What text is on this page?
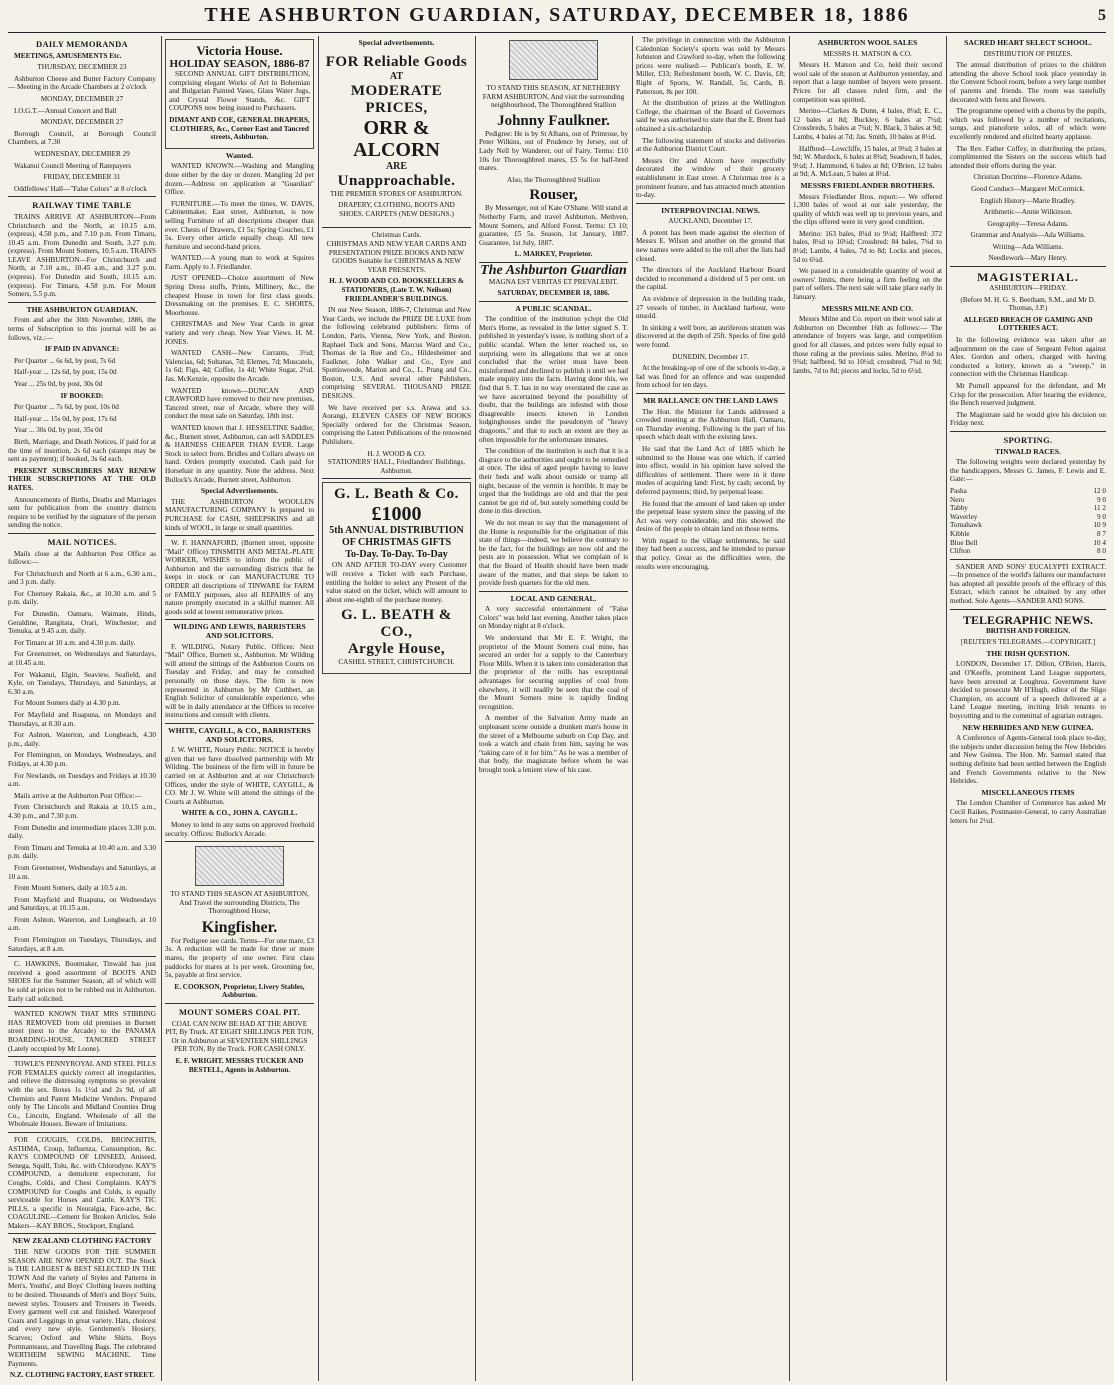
THE ASHBURTON GUARDIAN, SATURDAY, DECEMBER 18, 1886	5
DAILY MEMORANDA

MEETINGS, AMUSEMENTS Etc.

THURSDAY, DECEMBER 23

Ashburton Cheese and Butter Factory Company — Meeting in the Arcade Chambers at 2 o'clock

MONDAY, DECEMBER 27

I.O.G.T.—Annual Concert and Ball

MONDAY, DECEMBER 27

Borough Council, at Borough Council Chambers, at 7.30

WEDNESDAY, DECEMBER 29

Wakanui Council Meeting of Ratepayers

FRIDAY, DECEMBER 31

Oddfellows' Hall—"False Colors" at 8 o'clock

RAILWAY TIME TABLE

TRAINS ARRIVE AT ASHBURTON—From Christchurch and the North, at 10.15 a.m. (express), 4.58 p.m., and 7.10 p.m. From Timaru, 10.45 a.m. From Dunedin and South, 3.27 p.m. (express). From Mount Somers, 10.5 a.m. TRAINS LEAVE ASHBURTON—For Christchurch and North, at 7.10 a.m., 10.45 a.m., and 3.27 p.m. (express). For Dunedin and South, 10.15 a.m. (express). For Timaru, 4.58 p.m. For Mount Somers, 5.5 p.m.

THE ASHBURTON GUARDIAN.

From and after the 30th November, 1886, the terms of Subscription to this journal will be as follows, viz.:—

IF PAID IN ADVANCE:

Per Quarter ... 6s 6d, by post, 7s 6d

Half-year ... 12s 6d, by post, 15s 0d

Year ... 25s 0d, by post, 30s 0d

IF BOOKED:

Per Quarter ... 7s 6d, by post, 10s 0d

Half-year ... 15s 0d, by post, 17s 6d

Year ... 30s 0d, by post, 35s 0d

Birth, Marriage, and Death Notices, if paid for at the time of insertion, 2s 6d each (stamps may be sent as payment); if booked, 3s 6d each.

PRESENT SUBSCRIBERS MAY RENEW THEIR SUBSCRIPTIONS AT THE OLD RATES.

Announcements of Births, Deaths and Marriages sent for publication from the country districts require to be verified by the signature of the person sending the notice.

MAIL NOTICES.

Mails close at the Ashburton Post Office as follows:—

For Christchurch and North at 6 a.m., 6.30 a.m., and 3 p.m. daily.

For Chertsey Rakaia, &c., at 10.30 a.m. and 5 p.m. daily.

For Dunedin, Oamaru, Waimate, Hinds, Geraldine, Rangitata, Orari, Winchester, and Temuka, at 9.45 a.m. daily.

For Timaru at 10 a.m. and 4.30 p.m. daily.

For Greenstreet, on Wednesdays and Saturdays, at 10.45 a.m.

For Wakanui, Elgin, Seaview, Seafield, and Kyle, on Tuesdays, Thursdays, and Saturdays, at 6.30 a.m.

For Mount Somers daily at 4.30 p.m.

For Mayfield and Ruapuna, on Mondays and Thursdays, at 8.30 a.m.

For Ashton, Waterton, and Longbeach, 4.30 p.m., daily.

For Flemington, on Mondays, Wednesdays, and Fridays, at 4.30 p.m.

For Newlands, on Tuesdays and Fridays at 10.30 a.m.

Mails arrive at the Ashburton Post Office:—

From Christchurch and Rakaia at 10.15 a.m., 4.30 p.m., and 7.30 p.m.

From Dunedin and intermediate places 3.30 p.m. daily.

From Timaru and Temuka at 10.40 a.m. and 3.30 p.m. daily.

From Greenstreet, Wednesdays and Saturdays, at 10 a.m.

From Mount Somers, daily at 10.5 a.m.

From Mayfield and Ruapuna, on Wednesdays and Saturdays, at 10.15 a.m.

From Ashton, Waterton, and Longbeach, at 10 a.m.

From Flemington on Tuesdays, Thursdays, and Saturdays, at 8 a.m.

C. HAWKINS, Bootmaker, Tinwald has just received a good assortment of BOOTS AND SHOES for the Summer Season, all of which will be sold at prices not to be rubbed out in Ashburton. Early call solicited.

WANTED KNOWN THAT MRS STIBBING HAS REMOVED from old premises in Burnett street (next to the Arcade) to the PANAMA BOARDING-HOUSE, TANCRED STREET (Lately occupied by Mr Loone).

TOWLE'S PENNYROYAL AND STEEL PILLS FOR FEMALES quickly correct all irregularities, and relieve the distressing symptoms so prevalent with the sex. Boxes 1s 1½d and 2s 9d, of all Chemists and Patent Medicine Vendors. Prepared only by The Lincoln and Midland Counties Drug Co., Lincoln, England. Wholesale of all the Wholesale Houses. Beware of Imitations.

FOR COUGHS, COLDS, BRONCHITIS, ASTHMA, Croup, Influenza, Consumption, &c. KAY'S COMPOUND OF LINSEED, Aniseed, Senega, Squill, Tolu, &c. with Chlorodyne. KAY'S COMPOUND, a demulcent expectorant, for Coughs, Colds, and Chest Complaints. KAY'S COMPOUND for Coughs and Colds, is equally serviceable for Horses and Cattle. KAY'S TIC PILLS, a specific in Neuralgia, Face-ache, &c. COAGULINE—Cement for Broken Articles. Sole Makers—KAY BROS., Stockport, England.

NEW ZEALAND CLOTHING FACTORY

THE NEW GOODS FOR THE SUMMER SEASON ARE NOW OPENED OUT. The Stock is THE LARGEST & BEST SELECTED IN THE TOWN And the variety of Styles and Patterns in Men's, Youths', and Boys' Clothing leaves nothing to be desired. Thousands of Men's and Boys' Suits, newest styles. Trousers and Trousers in Tweeds. Every garment well cut and finished. Waterproof Coats and Leggings in great variety. Hats, choicest and every new style. Gentlemen's Hosiery, Scarves; Oxford and White Shirts. Boys Portmanteaus, and Travelling Bags. The celebrated WERTHEIM SEWING MACHINE. Time Payments.

N.Z. CLOTHING FACTORY, EAST STREET.

Victoria House.
HOLIDAY SEASON, 1886-87

SECOND ANNUAL GIFT DISTRIBUTION, comprising elegant Works of Art in Bohemian and Bulgarian Painted Vases, Glass Water Jugs, and Crystal Flower Stands, &c. GIFT COUPONS now being issued to Purchasers.

DIMANT AND COE, GENERAL DRAPERS, CLOTHIERS, &c., Corner East and Tancred streets, Ashburton.

Wanted.

WANTED KNOWN.—Washing and Mangling done either by the day or dozen. Mangling 2d per dozen.—Address on application at "Guardian" Office.

FURNITURE.—To meet the times, W. DAVIS, Cabinetmaker, East street, Ashburton, is now selling Furniture of all descriptions cheaper than ever. Chests of Drawers, £1 5s; Spring Couches, £1 5s. Every other article equally cheap. All new furniture and second-hand prices.

WANTED.—A young man to work at Squires Farm. Apply to J. Friedlander.

JUST OPENED—Choice assortment of New Spring Dress stuffs, Prints, Millinery, &c., the cheapest House in town for first class goods. Dressmaking on the premises. E. C. SHORTS, Moorhouse.

CHRISTMAS and New Year Cards in great variety and very cheap. New Year Views. H. M. JONES.

WANTED CASH—New Currants, 3½d; Valencias, 6d; Sultanas, 7d; Elemes, 7d; Muscatels, 1s 6d; Figs, 4d; Coffee, 1s 4d; White Sugar, 2½d. Jas. McKenzie, opposite the Arcade.

WANTED known—DUNCAN AND CRAWFORD have removed to their new premises, Tancred street, rear of Arcade, where they will conduct the meat sale on Saturday, 18th inst.

WANTED known that J. HESSELTINE Saddler, &c., Burnett street, Ashburton, can sell SADDLES & HARNESS CHEAPER THAN EVER. Large Stock to select from. Bridles and Collars always on hand. Orders promptly executed. Cash paid for Horsehair in any quantity. Note the address. Next Bullock's Arcade, Burnett street, Ashburton.

Special Advertisements.

THE ASHBURTON WOOLLEN MANUFACTURING COMPANY Is prepared to PURCHASE for CASH, SHEEPSKINS and all kinds of WOOL, in large or small quantities.

W. F. HANNAFORD, (Burnett street, opposite "Mail" Office) TINSMITH AND METAL-PLATE WORKER, WISHES to inform the public of Ashburton and the surrounding districts that he keeps in stock or can MANUFACTURE TO ORDER all descriptions of TINWARE for FARM or FAMILY purposes, also all REPAIRS of any nature promptly executed in a skilful manner. All goods sold at lowest remunerative prices.

WILDING AND LEWIS, BARRISTERS AND SOLICITORS.

F. WILDING, Notary Public. Offices: Next "Mail" Office, Burnett st., Ashburton. Mr Wilding will attend the sittings of the Ashburton Courts on Tuesday and Friday, and may be consulted personally on those days. The firm is now represented in Ashburton by Mr Cuthbert, an English Solicitor of considerable experience, who will be in daily attendance at the Offices to receive instructions and consult with clients.

WHITE, CAYGILL, & CO., BARRISTERS AND SOLICITORS.

J. W. WHITE, Notary Public. NOTICE is hereby given that we have dissolved partnership with Mr Wilding. The business of the firm will in future be carried on at Ashburton and at our Christchurch Offices, under the style of WHITE, CAYGILL, & CO. Mr J. W. White will attend the sittings of the Courts at Ashburton.

WHITE & CO., JOHN A. CAYGILL.

Money to lend in any sums on approved freehold security. Offices: Bullock's Arcade.

TO STAND THIS SEASON AT ASHBURTON, And Travel the surrounding Districts, The Thoroughbred Horse,

Kingfisher.

For Pedigree see cards. Terms—For one mare, £3 3s. A reduction will be made for three or more mares, the property of one owner. First class paddocks for mares at 1s per week. Grooming fee, 5s, payable at first service.

E. COOKSON, Proprietor, Livery Stables, Ashburton.

MOUNT SOMERS COAL PIT.

COAL CAN NOW BE HAD AT THE ABOVE PIT, By Truck. AT EIGHT SHILLINGS PER TON, Or in Ashburton at SEVENTEEN SHILLINGS PER TON, By the Truck. FOR CASH ONLY.

E. F. WRIGHT. MESSRS TUCKER AND BESTELL, Agents in Ashburton.

Special advertisements.
FOR Reliable Goods
AT
MODERATE PRICES,
ORR & ALCORN
ARE
Unapproachable.

THE PREMIER STORES OF ASHBURTON.

DRAPERY, CLOTHING, BOOTS AND SHOES. CARPETS (NEW DESIGNS.)

Christmas Cards.

CHRISTMAS AND NEW YEAR CARDS AND PRESENTATION PRIZE BOOKS AND NEW GOODS Suitable for CHRISTMAS & NEW YEAR PRESENTS.

H. J. WOOD AND CO. BOOKSELLERS & STATIONERS, (Late T. W. Neilson) FRIEDLANDER'S BUILDINGS.

IN our New Season, 1886-7, Christmas and New Year Cards, we include the PRIZE DE LUXE from the following celebrated publishers: firms of London, Paris, Vienna, New York, and Boston. Raphael Tuck and Sons, Marcus Ward and Co., Thomas de la Rue and Co., Hildesheimer and Faulkner, John Walker and Co., Eyre and Spottiswoode, Marion and Co., L. Prang and Co., Boston, U.S. And several other Publishers, comprising SEVERAL THOUSAND PRIZE DESIGNS.

We have received per s.s. Arawa and s.s. Aorangi, ELEVEN CASES OF NEW BOOKS Specially ordered for the Christmas Season, comprising the Latest Publications of the renowned Publishers.

H. J. WOOD & CO.

STATIONERS' HALL, Friedlanders' Buildings, Ashburton.

G. L. Beath & Co.
£1000
5th ANNUAL DISTRIBUTION OF CHRISTMAS GIFTS
To-Day. To-Day. To-Day

ON AND AFTER TO-DAY every Customer will receive a Ticket with each Purchase, entitling the holder to select any Present of the value stated on the ticket, which will amount to about one-eighth of the purchase money.

G. L. BEATH & CO.,
Argyle House,

CASHEL STREET, CHRISTCHURCH.

TO STAND THIS SEASON, AT NETHERBY FARM ASHBURTON, And visit the surrounding neighbourhood, The Thoroughbred Stallion

Johnny Faulkner.

Pedigree: He is by St Albans, out of Primrose, by Peter Wilkins, out of Prudence by Jersey, out of Lady Nell by Wanderer, out of Fairy. Terms: £10 10s for Thoroughbred mares, £5 5s for half-bred mares.

Also, the Thoroughbred Stallion

Rouser,

By Messenger, out of Kate O'Shane. Will stand at Netherby Farm, and travel Ashburton, Methven, Mount Somers, and Alford Forest. Terms: £3 10; guarantee, £5 5s. Season, 1st January, 1887. Guarantee, 1st July, 1887.

L. MARKEY, Proprietor.

The Ashburton Guardian

MAGNA EST VERITAS ET PREVALEBIT.

SATURDAY, DECEMBER 18, 1886.

A PUBLIC SCANDAL.

The condition of the institution yclept the Old Men's Home, as revealed in the letter signed S. T. published in yesterday's issue, is nothing short of a public scandal. When the letter reached us, so surprising were its allegations that we at once concluded that the writer must have been misinformed and declined to publish it until we had made enquiry into the facts. Having done this, we find that S. T. has in no way overstated the case as we have ascertained beyond the possibility of doubt, that the buildings are infested with those disagreeable insects known in London lodginghouses under the pseudonym of "heavy dragoons," and that to such an extent are they as often impossible for the unfortunate inmates.

The condition of the institution is such that it is a disgrace to the authorities and ought to be remedied at once. The idea of aged people having to leave their beds and walk about outside or tramp all night, because of the vermin is horrible. It may be urged that the buildings are old and that the pest cannot be got rid of, but surely something could be done in this direction.

We do not mean to say that the management of the Home is responsible for the origination of this state of things—indeed, we believe the contrary to be the fact, for the buildings are now old and the pests are in possession. What we complain of is that the Board of Health should have been made aware of the matter, and that steps be taken to provide fresh quarters for the old men.

LOCAL AND GENERAL.

A very successful entertainment of "False Colors" was held last evening. Another takes place on Monday night at 8 o'clock.

We understand that Mr E. F. Wright, the proprietor of the Mount Somers coal mine, has secured an order for a supply to the Canterbury Flour Mills. When it is taken into consideration that the proprietor of the mills has exceptional advantages for securing supplies of coal from elsewhere, it will readily be seen that the coal of the Mount Somers mine is rapidly finding recognition.

A member of the Salvation Army made an unpleasant scene outside a drunken man's house in the street of a Melbourne suburb on Cup Day, and took a watch and chain from him, saying he was "taking care of it for him." As he was a member of that body, the magistrate before whom he was brought took a lenient view of his case.

The privilege in connection with the Ashburton Caledonian Society's sports was sold by Messrs Johnston and Crawford to-day, when the following prices were realised:— Publican's booth, E. W. Miller, £33; Refreshment booth, W. C. Davis, £8; Right of Sports, W. Randall, 5s; Cards, B. Patterson, 8s per 100.

At the distribution of prizes at the Wellington College, the chairman of the Board of Governors said he was authorised to state that the E. Brent had obtained a six-scholarship.

The following statement of stocks and deliveries at the Ashburton District Court.

Messrs Orr and Alcorn have respectfully decorated the window of their grocery establishment in East street. A Christmas tree is a prominent feature, and has attracted much attention to-day.

INTERPROVINCIAL NEWS.

AUCKLAND, December 17.

A potent has been made against the election of Messrs E. Wilson and another on the ground that new names were added to the roll after the lists had closed.

The directors of the Auckland Harbour Board decided to recommend a dividend of 5 per cent. on the capital.

An evidence of depression in the building trade, 27 vessels of timber, in Auckland harbour, were unsold.

In sinking a well bore, an auriferous stratum was discovered at the depth of 25ft. Specks of fine gold were found.

DUNEDIN, December 17.

At the breaking-up of one of the schools to-day, a lad was fined for an offence and was suspended from school for ten days.

MR BALLANCE ON THE LAND LAWS

The Hon. the Minister for Lands addressed a crowded meeting at the Ashburton Hall, Oamaru, on Thursday evening. Following is the part of his speech which dealt with the existing laws.

He said that the Land Act of 1885 which he submitted to the House was one which, if carried into effect, would in his opinion have solved the difficulties of settlement. There were in it three modes of acquiring land: First, by cash; second, by deferred payments; third, by perpetual lease.

He found that the amount of land taken up under the perpetual lease system since the passing of the Act was very considerable, and this showed the desire of the people to obtain land on those terms.

With regard to the village settlements, he said they had been a success, and he intended to pursue that policy. Great as the difficulties were, the results were encouraging.

ASHBURTON WOOL SALES

MESSRS H. MATSON & CO.

Messrs H. Matson and Co. held their second wool sale of the season at Ashburton yesterday, and report that a large number of buyers were present. Prices for all classes ruled firm, and the competition was spirited.

Merino—Clarkes & Dunn, 4 bales, 8¼d; E. C., 12 bales at 8d; Buckley, 6 bales at 7½d; Crossbreds, 5 bales at 7¾d; N. Black, 3 bales at 9d; Lambs, 4 bales at 7d; Jas. Smith, 10 bales at 8½d.

Halfbred—Lowcliffe, 15 bales, at 9¾d; 3 bales at 9d; W. Murdock, 6 bales at 8¾d; Seadown, 8 bales, 9½d; J. Hammond, 6 bales at 8d; O'Brien, 12 bales at 9d; A. McLean, 5 bales at 8½d.

MESSRS FRIEDLANDER BROTHERS.

Messrs Friedlander Bros. report:— We offered 1,300 bales of wool at our sale yesterday, the quality of which was well up to previous years, and the clips offered were in very good condition.

Merino: 163 bales, 8¼d to 9½d; Halfbred: 372 bales, 8½d to 10¼d; Crossbred: 84 bales, 7¾d to 8½d; Lambs, 4 bales, 7d to 8d; Locks and pieces, 5d to 6¼d.

We passed in a considerable quantity of wool at owners' limits, there being a firm feeling on the part of sellers. The next sale will take place early in January.

MESSRS MILNE AND CO.

Messrs Milne and Co. report on their wool sale at Ashburton on December 16th as follows:— The attendance of buyers was large, and competition good for all classes, and prices were fully equal to those ruling at the previous sales. Merino, 8¼d to 9¾d; halfbred, 9d to 10½d; crossbred, 7¾d to 9d; lambs, 7d to 8d; pieces and locks, 5d to 6½d.

SACRED HEART SELECT SCHOOL.

DISTRIBUTION OF PRIZES.

The annual distribution of prizes to the children attending the above School took place yesterday in the Convent School room, before a very large number of parents and friends. The room was tastefully decorated with ferns and flowers.

The programme opened with a chorus by the pupils, which was followed by a number of recitations, songs, and pianoforte solos, all of which were excellently rendered and elicited hearty applause.

The Rev. Father Coffey, in distributing the prizes, complimented the Sisters on the success which had attended their efforts during the year.

Christian Doctrine—Florence Adams.

Good Conduct—Margaret McCormick.

English History—Marie Bradley.

Arithmetic—Annie Wilkinson.

Geography—Teresa Adams.

Grammar and Analysis—Ada Williams.

Writing—Ada Williams.

Needlework—Mary Henry.

MAGISTERIAL.

ASHBURTON—FRIDAY.

(Before M. H. G. S. Beetham, S.M., and Mr D. Thomas, J.P.)

ALLEGED BREACH OF GAMING AND LOTTERIES ACT.

In the following evidence was taken after an adjournment on the case of Sergeant Felton against Alex. Gordon and others, charged with having conducted a lottery, known as a "sweep," in connection with the Christmas Handicap.

Mr Purnell appeared for the defendant, and Mr Crisp for the prosecution. After hearing the evidence, the Bench reserved judgment.

The Magistrate said he would give his decision on Friday next.

SPORTING.
TINWALD RACES.

The following weights were declared yesterday by the handicappers, Messrs G. James, F. Lewis and E. Gate:—

Pasha	12 0
Nero	9 0
Tabby	11 2
Waverley	9 0
Tomahawk	10 9
Kibble	8 7
Blue Bell	10 4
Clifton	8 0

SANDER AND SONS' EUCALYPTI EXTRACT.—In presence of the world's failures our manufacturer has adopted all possible proofs of the efficacy of this Extract, which cannot be obtained by any other method. Sole Agents—SANDER AND SONS.

TELEGRAPHIC NEWS.

BRITISH AND FOREIGN.

[REUTER'S TELEGRAMS.—COPYRIGHT.]

THE IRISH QUESTION.

LONDON, December 17. Dillon, O'Brien, Harris, and O'Keeffe, prominent Land League supporters, have been arrested at Loughrea. Government have decided to prosecute Mr H'Hugh, editor of the Sligo Champion, on account of a speech delivered at a Land League meeting, inciting Irish tenants to boycotting and to the committal of agrarian outrages.

NEW HEBRIDES AND NEW GUINEA.

A Conference of Agents-General took place to-day, the subjects under discussion being the New Hebrides and New Guinea. The Hon. Mr. Samuel stated that nothing definite had been settled between the English and French Governments relative to the New Hebrides.

MISCELLANEOUS ITEMS

The London Chamber of Commerce has asked Mr Cecil Raikes, Postmaster-General, to carry Australian letters for 2½d.
